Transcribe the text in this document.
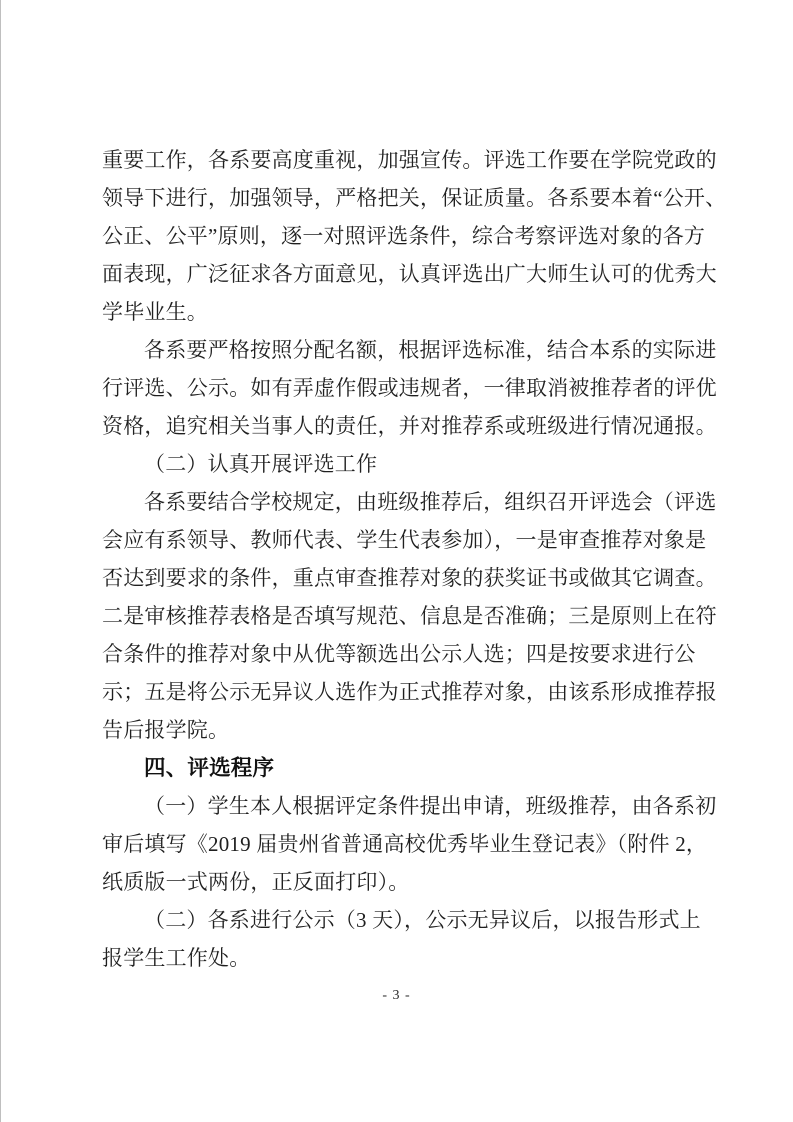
重要工作，各系要高度重视，加强宣传。评选工作要在学院党政的
领导下进行，加强领导，严格把关，保证质量。各系要本着“公开、
公正、公平”原则，逐一对照评选条件，综合考察评选对象的各方
面表现，广泛征求各方面意见，认真评选出广大师生认可的优秀大
学毕业生。
各系要严格按照分配名额，根据评选标准，结合本系的实际进
行评选、公示。如有弄虚作假或违规者，一律取消被推荐者的评优
资格，追究相关当事人的责任，并对推荐系或班级进行情况通报。
（二）认真开展评选工作
各系要结合学校规定，由班级推荐后，组织召开评选会（评选
会应有系领导、教师代表、学生代表参加），一是审查推荐对象是
否达到要求的条件，重点审查推荐对象的获奖证书或做其它调查。
二是审核推荐表格是否填写规范、信息是否准确；三是原则上在符
合条件的推荐对象中从优等额选出公示人选；四是按要求进行公
示；五是将公示无异议人选作为正式推荐对象，由该系形成推荐报
告后报学院。
四、评选程序
（一）学生本人根据评定条件提出申请，班级推荐，由各系初
审后填写《2019 届贵州省普通高校优秀毕业生登记表》（附件 2，
纸质版一式两份，正反面打印）。
（二）各系进行公示（3 天），公示无异议后，以报告形式上
报学生工作处。
- 3 -
